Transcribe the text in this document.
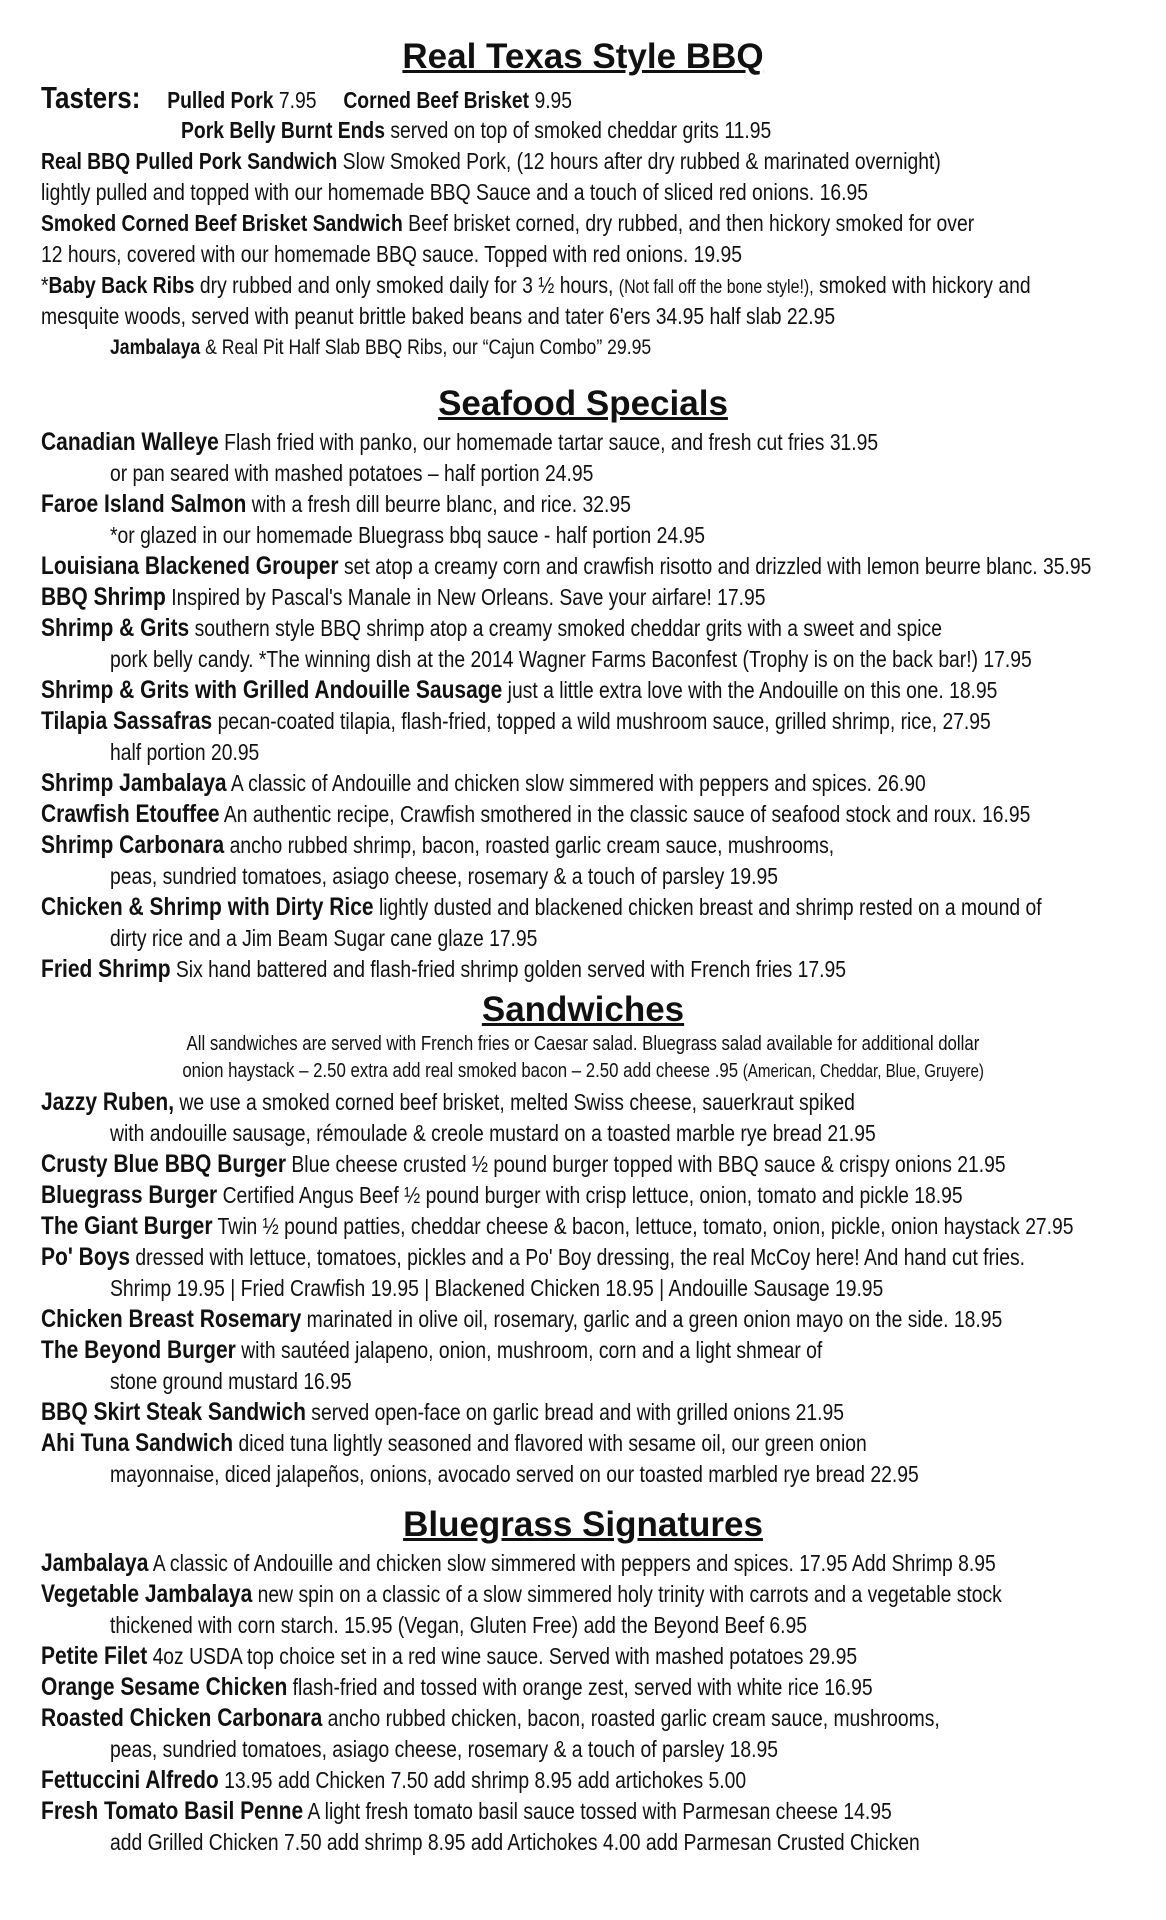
Real Texas Style BBQ
Tasters: Pulled Pork 7.95 Corned Beef Brisket 9.95
Pork Belly Burnt Ends served on top of smoked cheddar grits 11.95
Real BBQ Pulled Pork Sandwich Slow Smoked Pork, (12 hours after dry rubbed & marinated overnight)
lightly pulled and topped with our homemade BBQ Sauce and a touch of sliced red onions. 16.95
Smoked Corned Beef Brisket Sandwich Beef brisket corned, dry rubbed, and then hickory smoked for over
12 hours, covered with our homemade BBQ sauce. Topped with red onions. 19.95
*Baby Back Ribs dry rubbed and only smoked daily for 3 ½ hours, (Not fall off the bone style!), smoked with hickory and
mesquite woods, served with peanut brittle baked beans and tater 6'ers 34.95 half slab 22.95
Jambalaya & Real Pit Half Slab BBQ Ribs, our “Cajun Combo” 29.95
Seafood Specials
Canadian Walleye Flash fried with panko, our homemade tartar sauce, and fresh cut fries 31.95
or pan seared with mashed potatoes – half portion 24.95
Faroe Island Salmon with a fresh dill beurre blanc, and rice. 32.95
*or glazed in our homemade Bluegrass bbq sauce - half portion 24.95
Louisiana Blackened Grouper set atop a creamy corn and crawfish risotto and drizzled with lemon beurre blanc. 35.95
BBQ Shrimp Inspired by Pascal's Manale in New Orleans. Save your airfare! 17.95
Shrimp & Grits southern style BBQ shrimp atop a creamy smoked cheddar grits with a sweet and spice
pork belly candy. *The winning dish at the 2014 Wagner Farms Baconfest (Trophy is on the back bar!) 17.95
Shrimp & Grits with Grilled Andouille Sausage just a little extra love with the Andouille on this one. 18.95
Tilapia Sassafras pecan-coated tilapia, flash-fried, topped a wild mushroom sauce, grilled shrimp, rice, 27.95
half portion 20.95
Shrimp Jambalaya A classic of Andouille and chicken slow simmered with peppers and spices. 26.90
Crawfish Etouffee An authentic recipe, Crawfish smothered in the classic sauce of seafood stock and roux. 16.95
Shrimp Carbonara ancho rubbed shrimp, bacon, roasted garlic cream sauce, mushrooms,
peas, sundried tomatoes, asiago cheese, rosemary & a touch of parsley 19.95
Chicken & Shrimp with Dirty Rice lightly dusted and blackened chicken breast and shrimp rested on a mound of
dirty rice and a Jim Beam Sugar cane glaze 17.95
Fried Shrimp Six hand battered and flash-fried shrimp golden served with French fries 17.95
Sandwiches
All sandwiches are served with French fries or Caesar salad. Bluegrass salad available for additional dollar
onion haystack – 2.50 extra add real smoked bacon – 2.50 add cheese .95 (American, Cheddar, Blue, Gruyere)
Jazzy Ruben, we use a smoked corned beef brisket, melted Swiss cheese, sauerkraut spiked
with andouille sausage, rémoulade & creole mustard on a toasted marble rye bread 21.95
Crusty Blue BBQ Burger Blue cheese crusted ½ pound burger topped with BBQ sauce & crispy onions 21.95
Bluegrass Burger Certified Angus Beef ½ pound burger with crisp lettuce, onion, tomato and pickle 18.95
The Giant Burger Twin ½ pound patties, cheddar cheese & bacon, lettuce, tomato, onion, pickle, onion haystack 27.95
Po' Boys dressed with lettuce, tomatoes, pickles and a Po' Boy dressing, the real McCoy here! And hand cut fries.
Shrimp 19.95 | Fried Crawfish 19.95 | Blackened Chicken 18.95 | Andouille Sausage 19.95
Chicken Breast Rosemary marinated in olive oil, rosemary, garlic and a green onion mayo on the side. 18.95
The Beyond Burger with sautéed jalapeno, onion, mushroom, corn and a light shmear of
stone ground mustard 16.95
BBQ Skirt Steak Sandwich served open-face on garlic bread and with grilled onions 21.95
Ahi Tuna Sandwich diced tuna lightly seasoned and flavored with sesame oil, our green onion
mayonnaise, diced jalapeños, onions, avocado served on our toasted marbled rye bread 22.95
Bluegrass Signatures
Jambalaya A classic of Andouille and chicken slow simmered with peppers and spices. 17.95 Add Shrimp 8.95
Vegetable Jambalaya new spin on a classic of a slow simmered holy trinity with carrots and a vegetable stock
thickened with corn starch. 15.95 (Vegan, Gluten Free) add the Beyond Beef 6.95
Petite Filet 4oz USDA top choice set in a red wine sauce. Served with mashed potatoes 29.95
Orange Sesame Chicken flash-fried and tossed with orange zest, served with white rice 16.95
Roasted Chicken Carbonara ancho rubbed chicken, bacon, roasted garlic cream sauce, mushrooms,
peas, sundried tomatoes, asiago cheese, rosemary & a touch of parsley 18.95
Fettuccini Alfredo 13.95 add Chicken 7.50 add shrimp 8.95 add artichokes 5.00
Fresh Tomato Basil Penne A light fresh tomato basil sauce tossed with Parmesan cheese 14.95
add Grilled Chicken 7.50 add shrimp 8.95 add Artichokes 4.00 add Parmesan Crusted Chicken
